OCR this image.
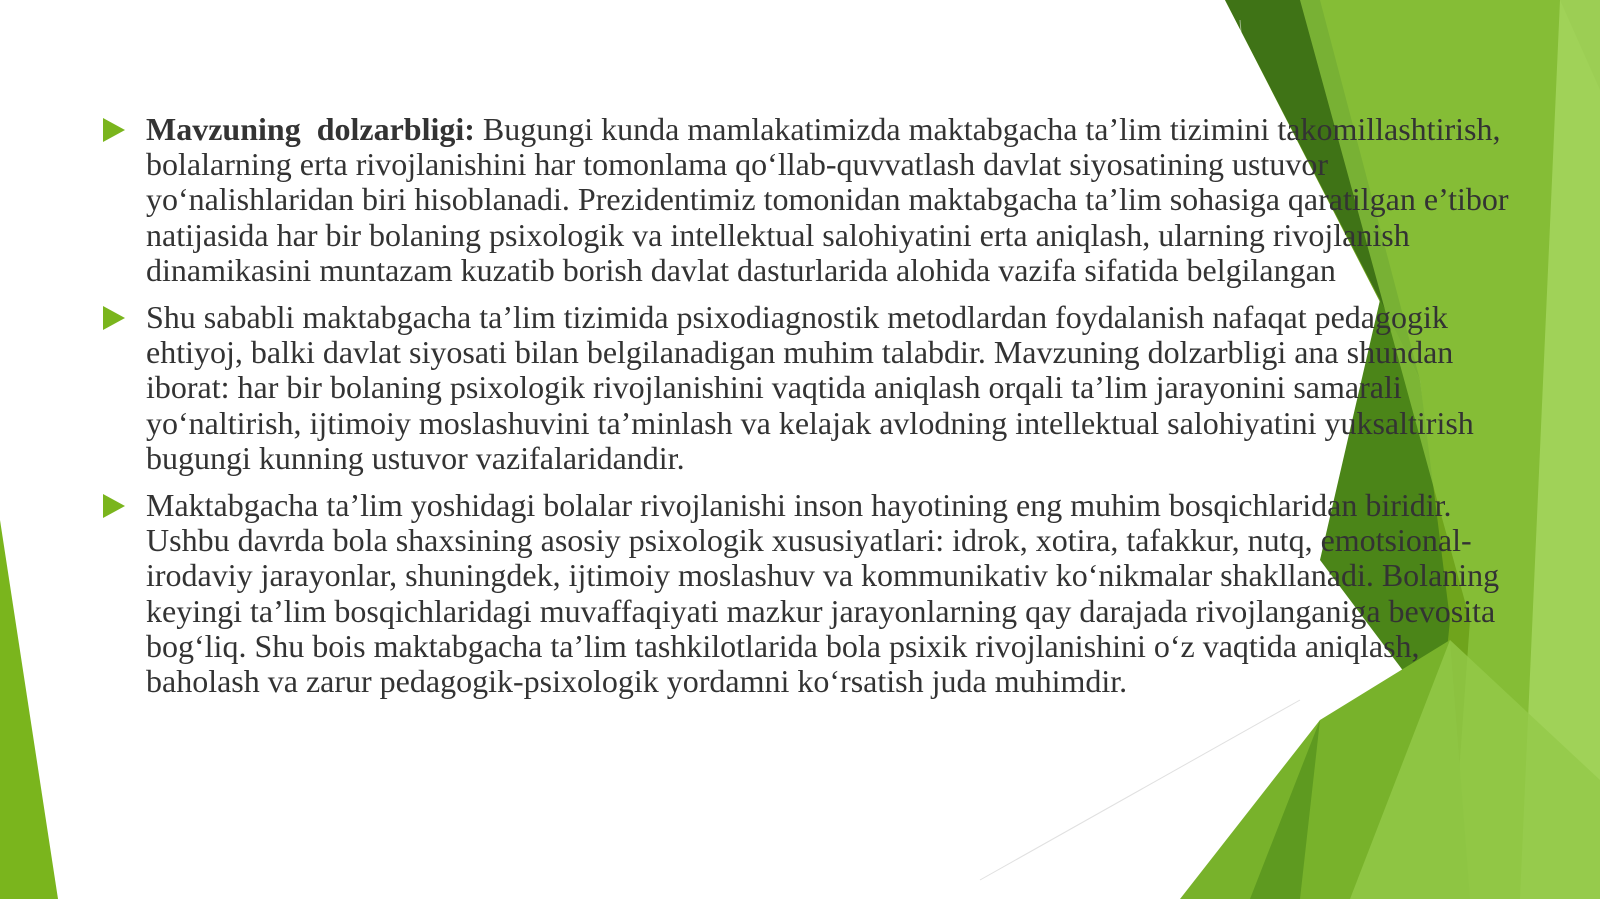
Mavzuning dolzarbligi: Bugungi kunda mamlakatimizda maktabgacha ta’lim tizimini takomillashtirish, bolalarning erta rivojlanishini har tomonlama qo‘llab-quvvatlash davlat siyosatining ustuvor yo‘nalishlaridan biri hisoblanadi. Prezidentimiz tomonidan maktabgacha ta’lim sohasiga qaratilgan e’tibor natijasida har bir bolaning psixologik va intellektual salohiyatini erta aniqlash, ularning rivojlanish dinamikasini muntazam kuzatib borish davlat dasturlarida alohida vazifa sifatida belgilangan
Shu sababli maktabgacha ta’lim tizimida psixodiagnostik metodlardan foydalanish nafaqat pedagogik ehtiyoj, balki davlat siyosati bilan belgilanadigan muhim talabdir. Mavzuning dolzarbligi ana shundan iborat: har bir bolaning psixologik rivojlanishini vaqtida aniqlash orqali ta’lim jarayonini samarali yo‘naltirish, ijtimoiy moslashuvini ta’minlash va kelajak avlodning intellektual salohiyatini yuksaltirish bugungi kunning ustuvor vazifalaridandir.
Maktabgacha ta’lim yoshidagi bolalar rivojlanishi inson hayotining eng muhim bosqichlaridan biridir. Ushbu davrda bola shaxsining asosiy psixologik xususiyatlari: idrok, xotira, tafakkur, nutq, emotsional-irodaviy jarayonlar, shuningdek, ijtimoiy moslashuv va kommunikativ ko‘nikmalar shakllanadi. Bolaning keyingi ta’lim bosqichlaridagi muvaffaqiyati mazkur jarayonlarning qay darajada rivojlanganiga bevosita bog‘liq. Shu bois maktabgacha ta’lim tashkilotlarida bola psixik rivojlanishini o‘z vaqtida aniqlash, baholash va zarur pedagogik-psixologik yordamni ko‘rsatish juda muhimdir.
